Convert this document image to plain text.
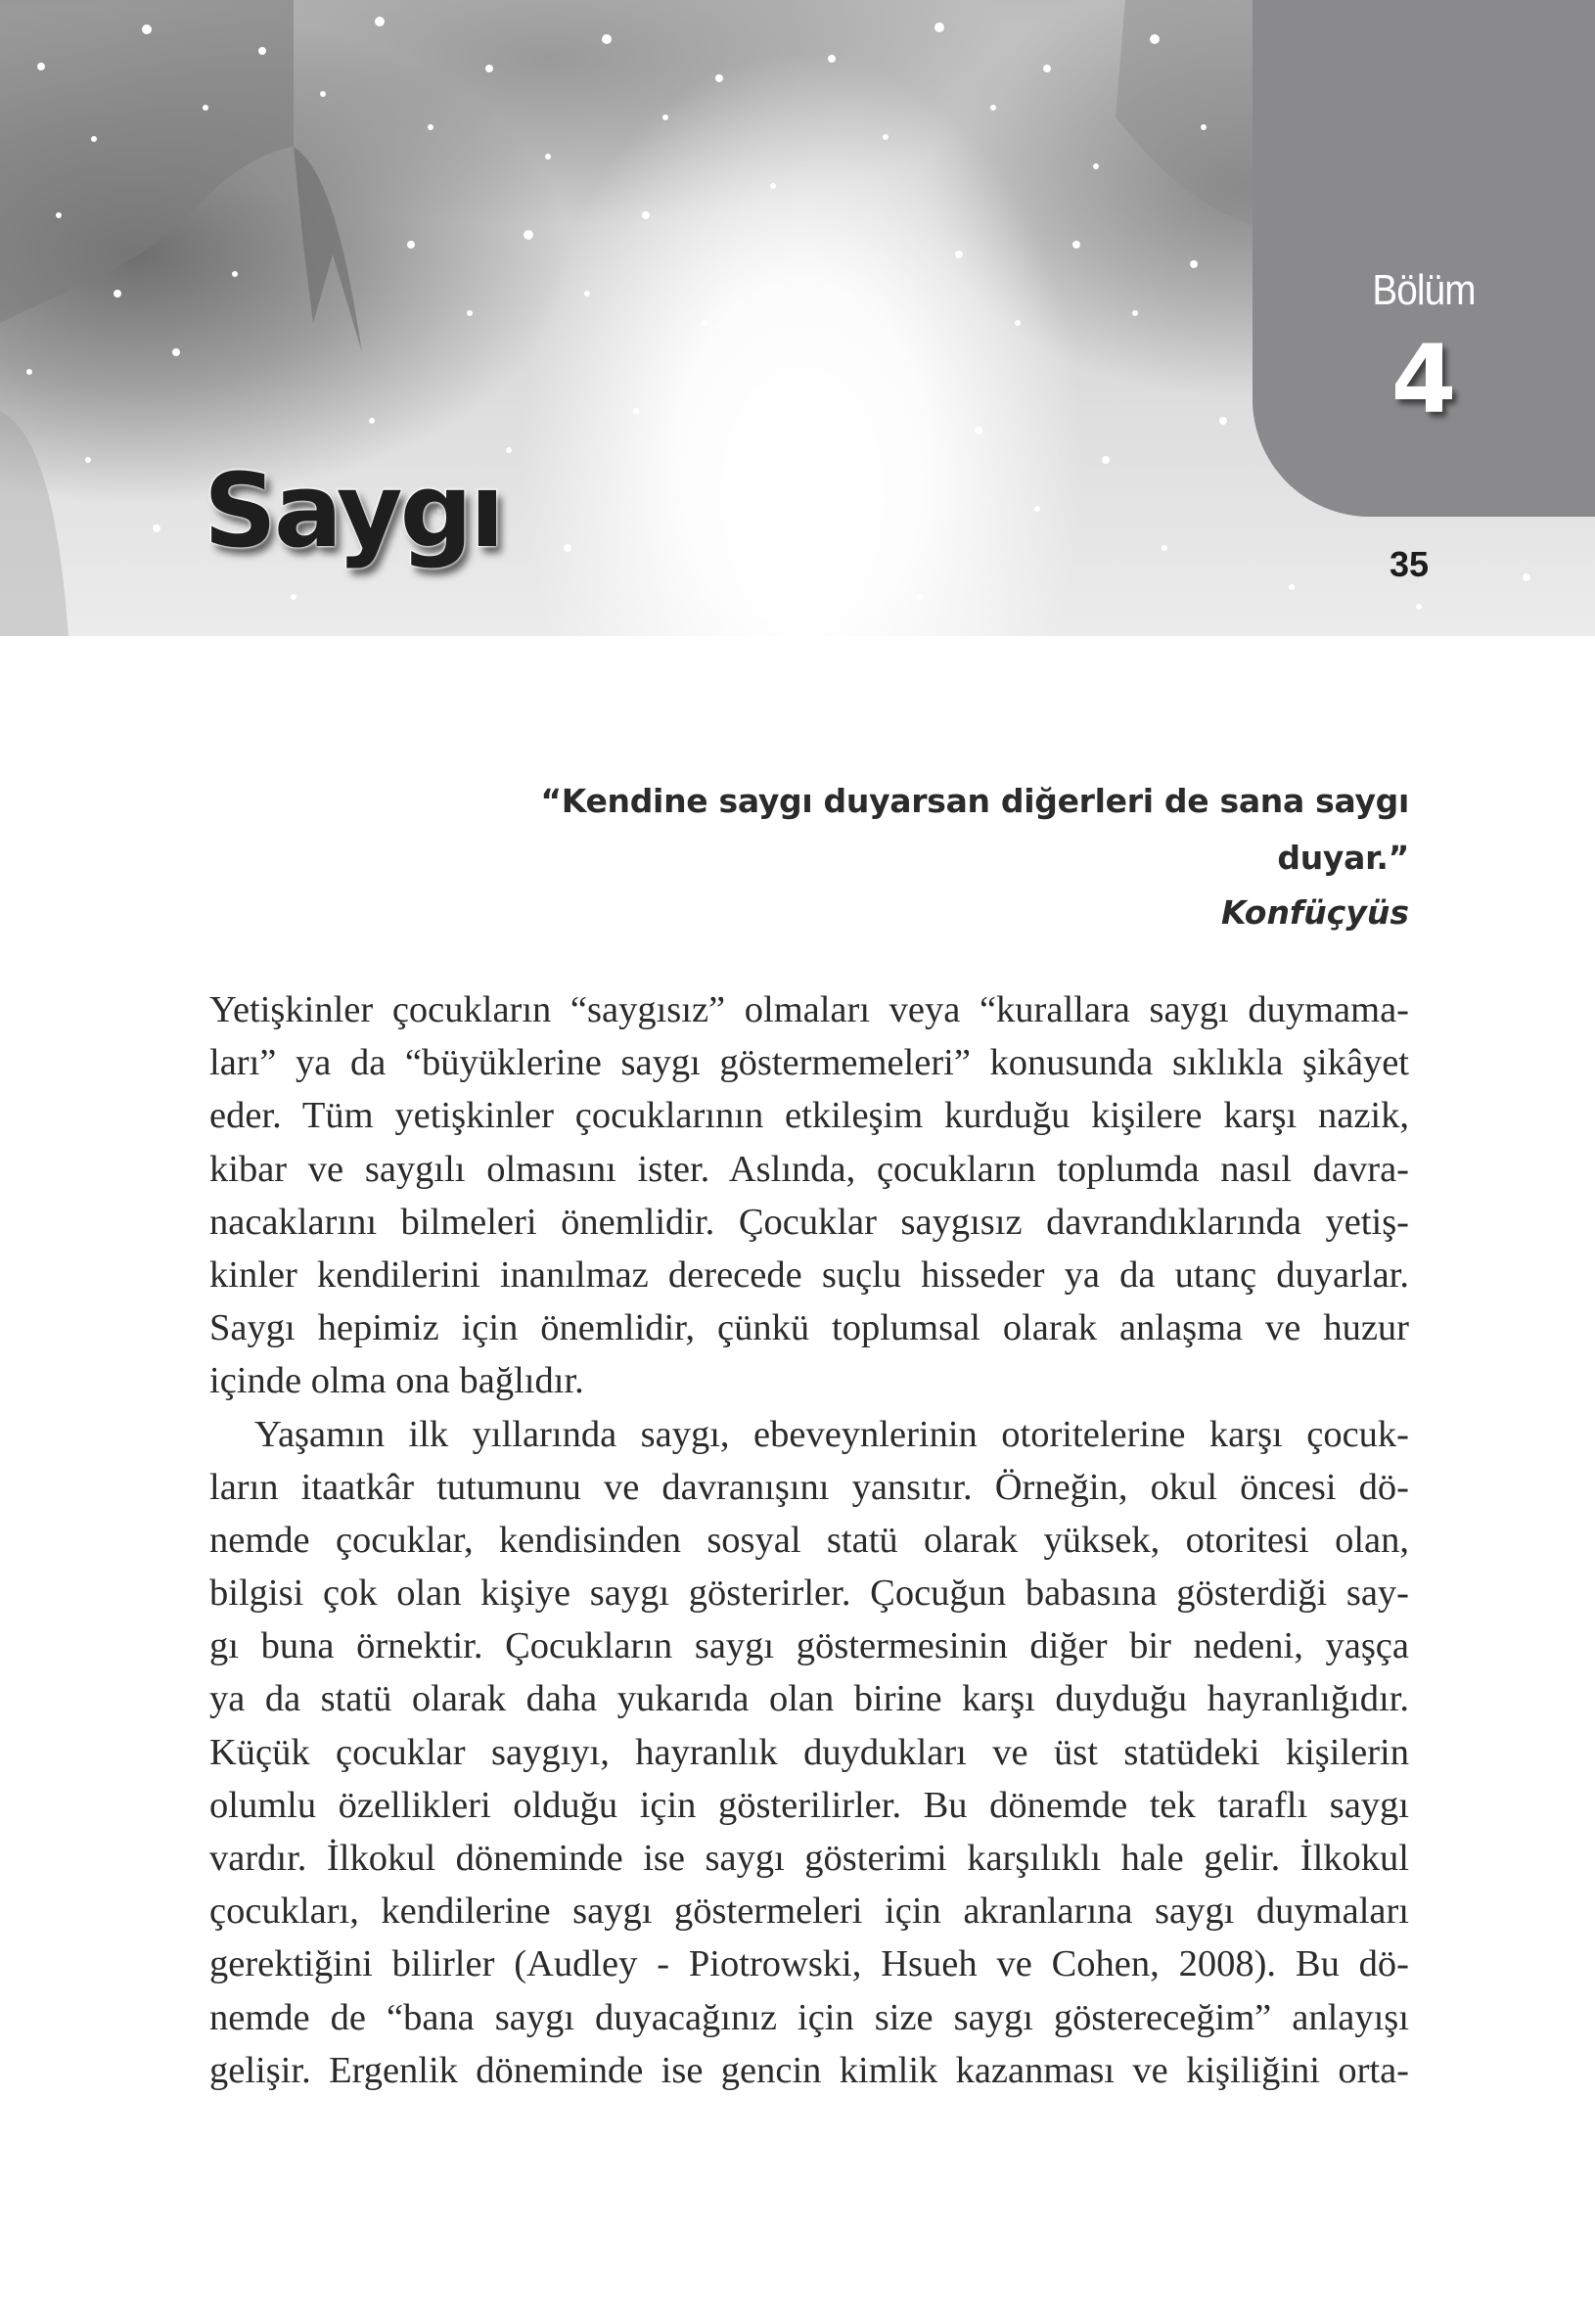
Bölüm
4
35
Saygı
“Kendine saygı duyarsan diğerleri de sana saygı duyar.”
Konfüçyüs
Yetişkinler çocukların “saygısız” olmaları veya “kurallara saygı duymama-
ları” ya da “büyüklerine saygı göstermemeleri” konusunda sıklıkla şikâyet
eder. Tüm yetişkinler çocuklarının etkileşim kurduğu kişilere karşı nazik,
kibar ve saygılı olmasını ister. Aslında, çocukların toplumda nasıl davra-
nacaklarını bilmeleri önemlidir. Çocuklar saygısız davrandıklarında yetiş-
kinler kendilerini inanılmaz derecede suçlu hisseder ya da utanç duyarlar.
Saygı hepimiz için önemlidir, çünkü toplumsal olarak anlaşma ve huzur
içinde olma ona bağlıdır.
Yaşamın ilk yıllarında saygı, ebeveynlerinin otoritelerine karşı çocuk-
ların itaatkâr tutumunu ve davranışını yansıtır. Örneğin, okul öncesi dö-
nemde çocuklar, kendisinden sosyal statü olarak yüksek, otoritesi olan,
bilgisi çok olan kişiye saygı gösterirler. Çocuğun babasına gösterdiği say-
gı buna örnektir. Çocukların saygı göstermesinin diğer bir nedeni, yaşça
ya da statü olarak daha yukarıda olan birine karşı duyduğu hayranlığıdır.
Küçük çocuklar saygıyı, hayranlık duydukları ve üst statüdeki kişilerin
olumlu özellikleri olduğu için gösterilirler. Bu dönemde tek taraflı saygı
vardır. İlkokul döneminde ise saygı gösterimi karşılıklı hale gelir. İlkokul
çocukları, kendilerine saygı göstermeleri için akranlarına saygı duymaları
gerektiğini bilirler (Audley - Piotrowski, Hsueh ve Cohen, 2008). Bu dö-
nemde de “bana saygı duyacağınız için size saygı göstereceğim” anlayışı
gelişir. Ergenlik döneminde ise gencin kimlik kazanması ve kişiliğini orta-
